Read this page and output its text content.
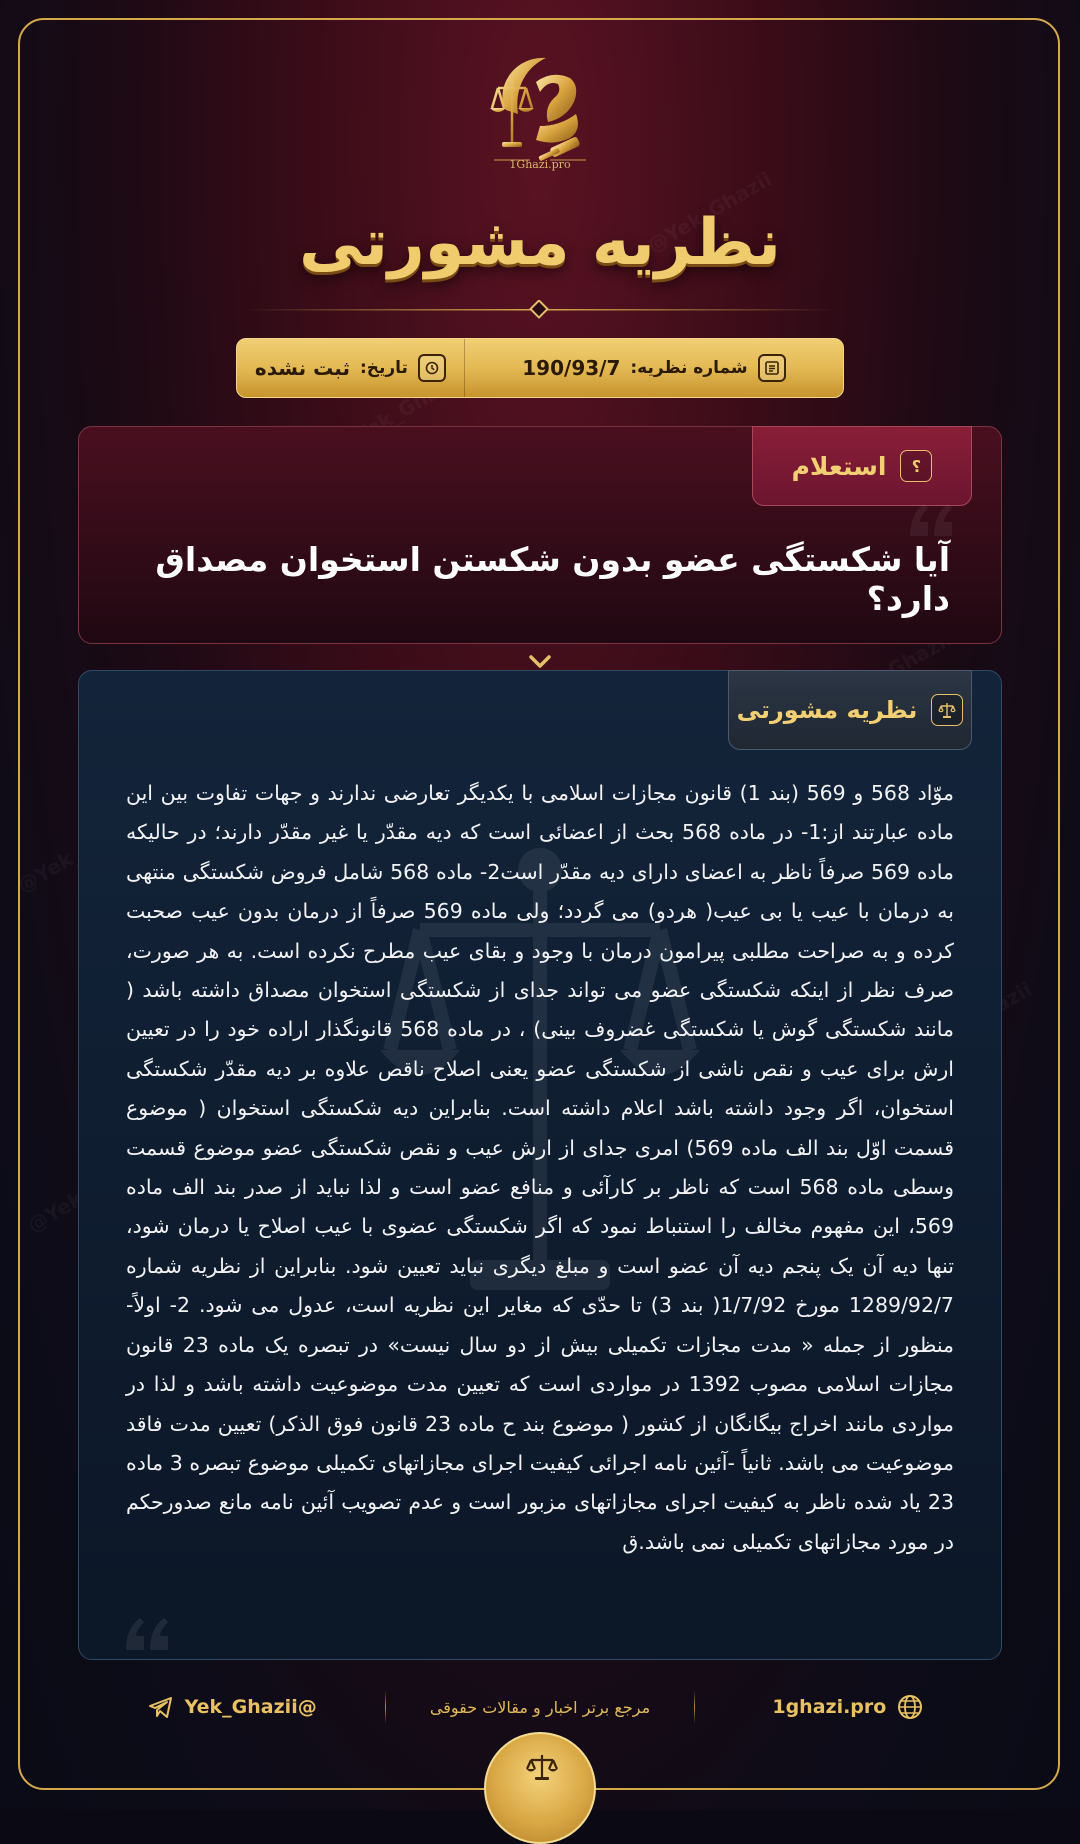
1Ghazi.pro
نظریه مشورتی
شماره نظریه:
190/93/7
تاریخ:
ثبت نشده
؟
استعلام
آیا شکستگی عضو بدون شکستن استخوان مصداق دارد؟
نظریه مشورتی
موّاد 568 و 569 (بند 1) قانون مجازات اسلامی با یکدیگر تعارضی ندارند و جهات تفاوت بین این ماده عبارتند از:1- در ماده 568 بحث از اعضائی است که دیه مقدّر یا غیر مقدّر دارند؛ در حالیکه ماده 569 صرفاً ناظر به اعضای دارای دیه مقدّر است2- ماده 568 شامل فروض شکستگی منتهی به درمان با عیب یا بی عیب( هردو) می گردد؛ ولی ماده 569 صرفاً از درمان بدون عیب صحبت کرده و به صراحت مطلبی پیرامون درمان با وجود و بقای عیب مطرح نکرده است. به هر صورت، صرف نظر از اینکه شکستگی عضو می تواند جدای از شکستگی استخوان مصداق داشته باشد ( مانند شکستگی گوش یا شکستگی غضروف بینی) ، در ماده 568 قانونگذار اراده خود را در تعیین ارش برای عیب و نقص ناشی از شکستگی عضو یعنی اصلاح ناقص علاوه بر دیه مقدّر شکستگی استخوان، اگر وجود داشته باشد اعلام داشته است. بنابراین دیه شکستگی استخوان ( موضوع قسمت اوّل بند الف ماده 569) امری جدای از ارش عیب و نقص شکستگی عضو موضوع قسمت وسطی ماده 568 است که ناظر بر کارآئی و منافع عضو است و لذا نباید از صدر بند الف ماده 569، این مفهوم مخالف را استنباط نمود که اگر شکستگی عضوی با عیب اصلاح یا درمان شود، تنها دیه آن یک پنجم دیه آن عضو است و مبلغ دیگری نباید تعیین شود. بنابراین از نظریه شماره 1289/92/7 مورخ 1/7/92( بند 3) تا حدّی که مغایر این نظریه است، عدول می شود. 2- اولاً- منظور از جمله « مدت مجازات تکمیلی بیش از دو سال نیست» در تبصره یک ماده 23 قانون مجازات اسلامی مصوب 1392 در مواردی است که تعیین مدت موضوعیت داشته باشد و لذا در مواردی مانند اخراج بیگانگان از کشور ( موضوع بند ح ماده 23 قانون فوق الذکر) تعیین مدت فاقد موضوعیت می باشد. ثانیاً -آئین نامه اجرائی کیفیت اجرای مجازاتهای تکمیلی موضوع تبصره 3 ماده 23 یاد شده ناظر به کیفیت اجرای مجازاتهای مزبور است و عدم تصویب آئین نامه مانع صدورحکم در مورد مجازاتهای تکمیلی نمی باشد.ق
1ghazi.pro
مرجع برتر اخبار و مقالات حقوقی
@Yek_Ghazii
